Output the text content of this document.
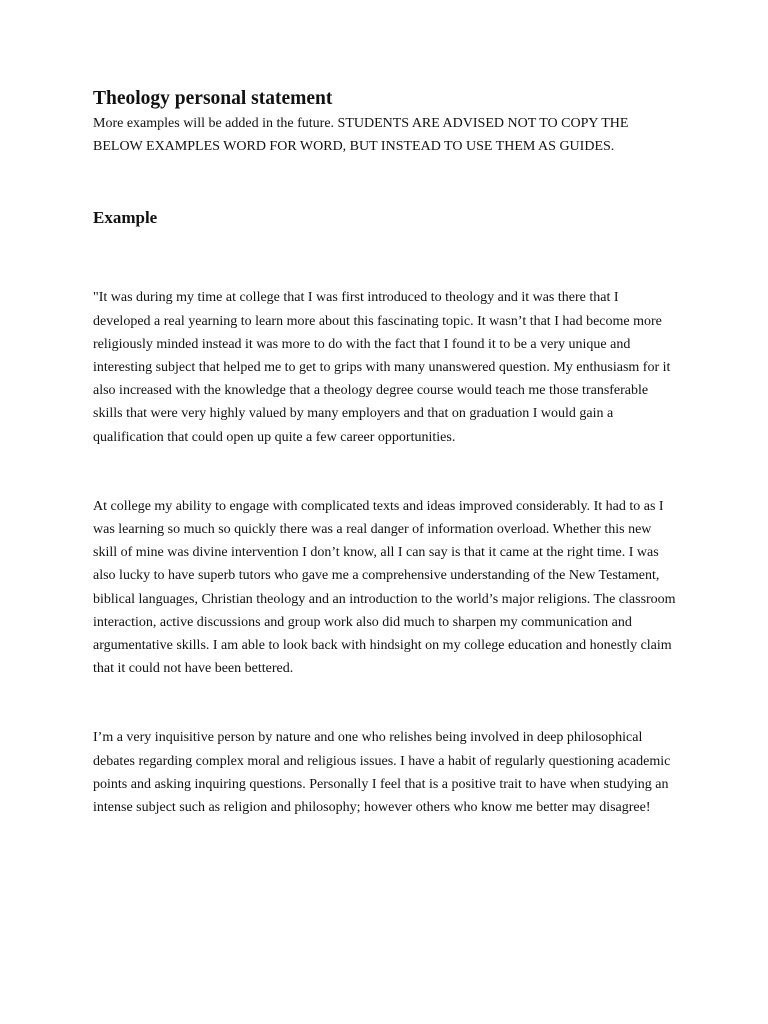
Theology personal statement

More examples will be added in the future. STUDENTS ARE ADVISED NOT TO COPY THE BELOW EXAMPLES WORD FOR WORD, BUT INSTEAD TO USE THEM AS GUIDES.

Example

"It was during my time at college that I was first introduced to theology and it was there that I developed a real yearning to learn more about this fascinating topic. It wasn’t that I had become more religiously minded instead it was more to do with the fact that I found it to be a very unique and interesting subject that helped me to get to grips with many unanswered question. My enthusiasm for it also increased with the knowledge that a theology degree course would teach me those transferable skills that were very highly valued by many employers and that on graduation I would gain a qualification that could open up quite a few career opportunities.

At college my ability to engage with complicated texts and ideas improved considerably. It had to as I was learning so much so quickly there was a real danger of information overload. Whether this new skill of mine was divine intervention I don’t know, all I can say is that it came at the right time. I was also lucky to have superb tutors who gave me a comprehensive understanding of the New Testament, biblical languages, Christian theology and an introduction to the world’s major religions. The classroom interaction, active discussions and group work also did much to sharpen my communication and argumentative skills. I am able to look back with hindsight on my college education and honestly claim that it could not have been bettered.

I’m a very inquisitive person by nature and one who relishes being involved in deep philosophical debates regarding complex moral and religious issues. I have a habit of regularly questioning academic points and asking inquiring questions. Personally I feel that is a positive trait to have when studying an intense subject such as religion and philosophy; however others who know me better may disagree!
